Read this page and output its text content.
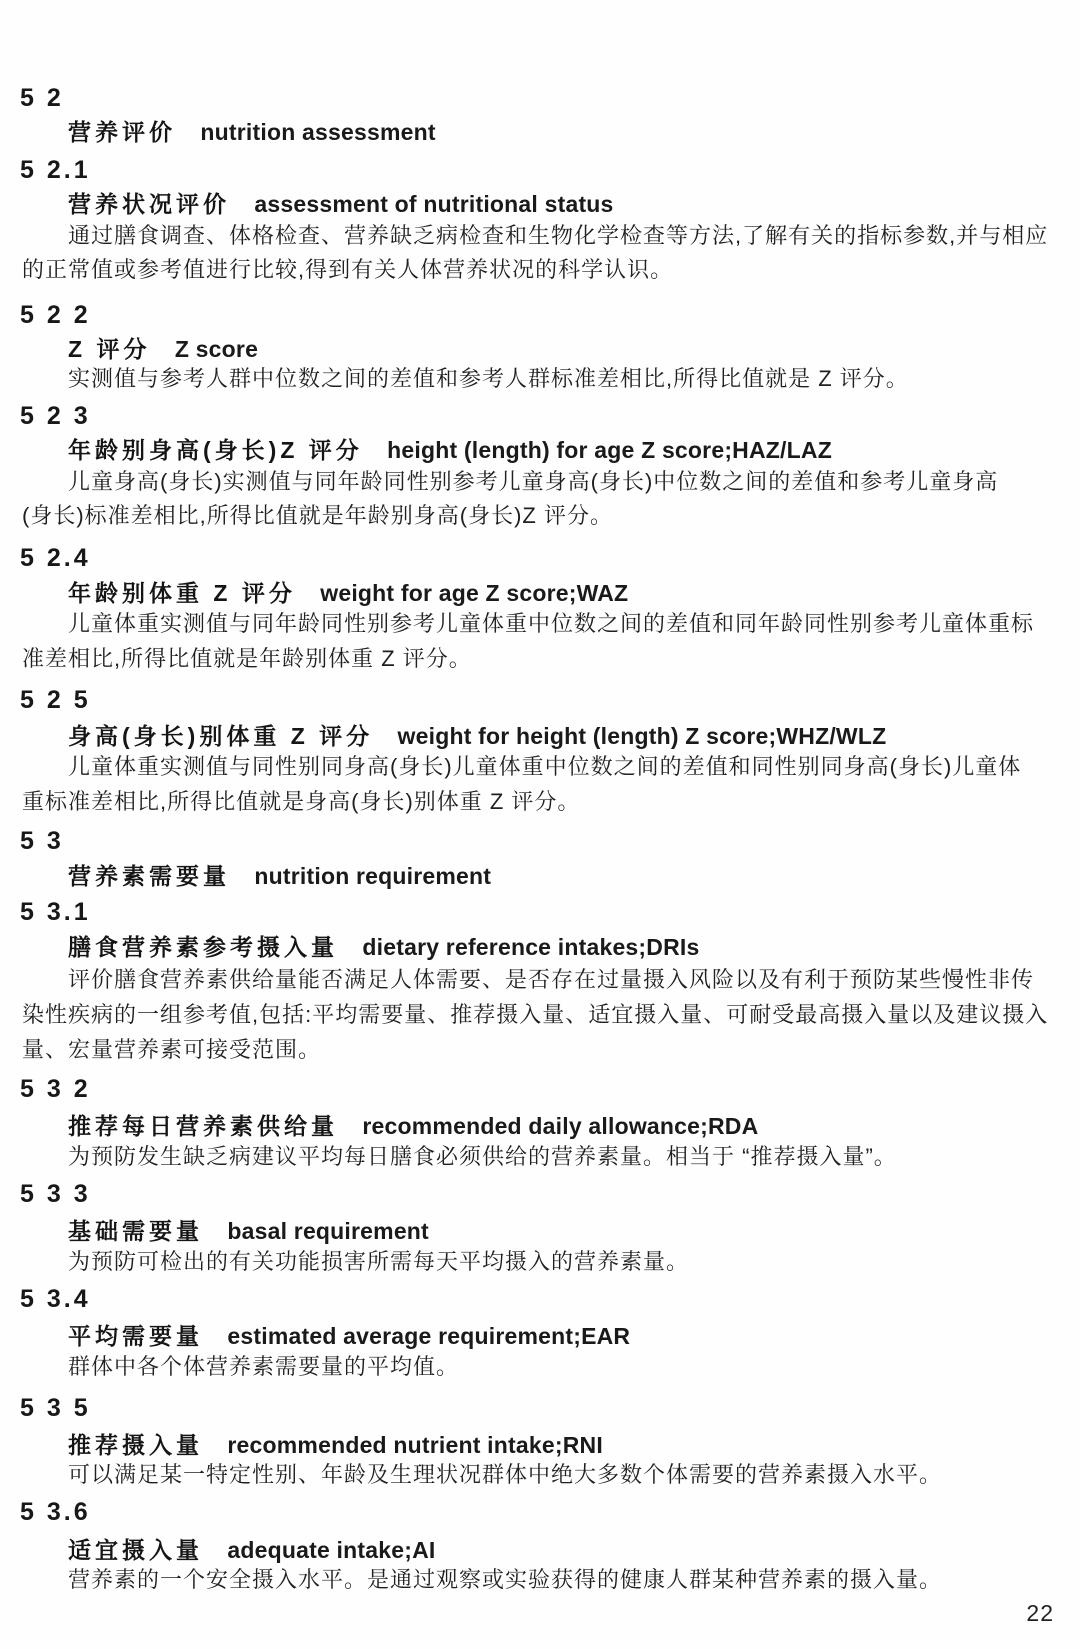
5 2
营养评价 nutrition assessment
5 2.1
营养状况评价 assessment of nutritional status
通过膳食调查、体格检查、营养缺乏病检查和生物化学检查等方法,了解有关的指标参数,并与相应
的正常值或参考值进行比较,得到有关人体营养状况的科学认识。
5 2 2
Z 评分 Z score
实测值与参考人群中位数之间的差值和参考人群标准差相比,所得比值就是 Z 评分。
5 2 3
年龄别身高(身长)Z 评分 height (length) for age Z score;HAZ/LAZ
儿童身高(身长)实测值与同年龄同性别参考儿童身高(身长)中位数之间的差值和参考儿童身高
(身长)标准差相比,所得比值就是年龄别身高(身长)Z 评分。
5 2.4
年龄别体重 Z 评分 weight for age Z score;WAZ
儿童体重实测值与同年龄同性别参考儿童体重中位数之间的差值和同年龄同性别参考儿童体重标
准差相比,所得比值就是年龄别体重 Z 评分。
5 2 5
身高(身长)别体重 Z 评分 weight for height (length) Z score;WHZ/WLZ
儿童体重实测值与同性别同身高(身长)儿童体重中位数之间的差值和同性别同身高(身长)儿童体
重标准差相比,所得比值就是身高(身长)别体重 Z 评分。
5 3
营养素需要量 nutrition requirement
5 3.1
膳食营养素参考摄入量 dietary reference intakes;DRIs
评价膳食营养素供给量能否满足人体需要、是否存在过量摄入风险以及有利于预防某些慢性非传
染性疾病的一组参考值,包括:平均需要量、推荐摄入量、适宜摄入量、可耐受最高摄入量以及建议摄入
量、宏量营养素可接受范围。
5 3 2
推荐每日营养素供给量 recommended daily allowance;RDA
为预防发生缺乏病建议平均每日膳食必须供给的营养素量。相当于 “推荐摄入量”。
5 3 3
基础需要量 basal requirement
为预防可检出的有关功能损害所需每天平均摄入的营养素量。
5 3.4
平均需要量 estimated average requirement;EAR
群体中各个体营养素需要量的平均值。
5 3 5
推荐摄入量 recommended nutrient intake;RNI
可以满足某一特定性别、年龄及生理状况群体中绝大多数个体需要的营养素摄入水平。
5 3.6
适宜摄入量 adequate intake;AI
营养素的一个安全摄入水平。是通过观察或实验获得的健康人群某种营养素的摄入量。
22
